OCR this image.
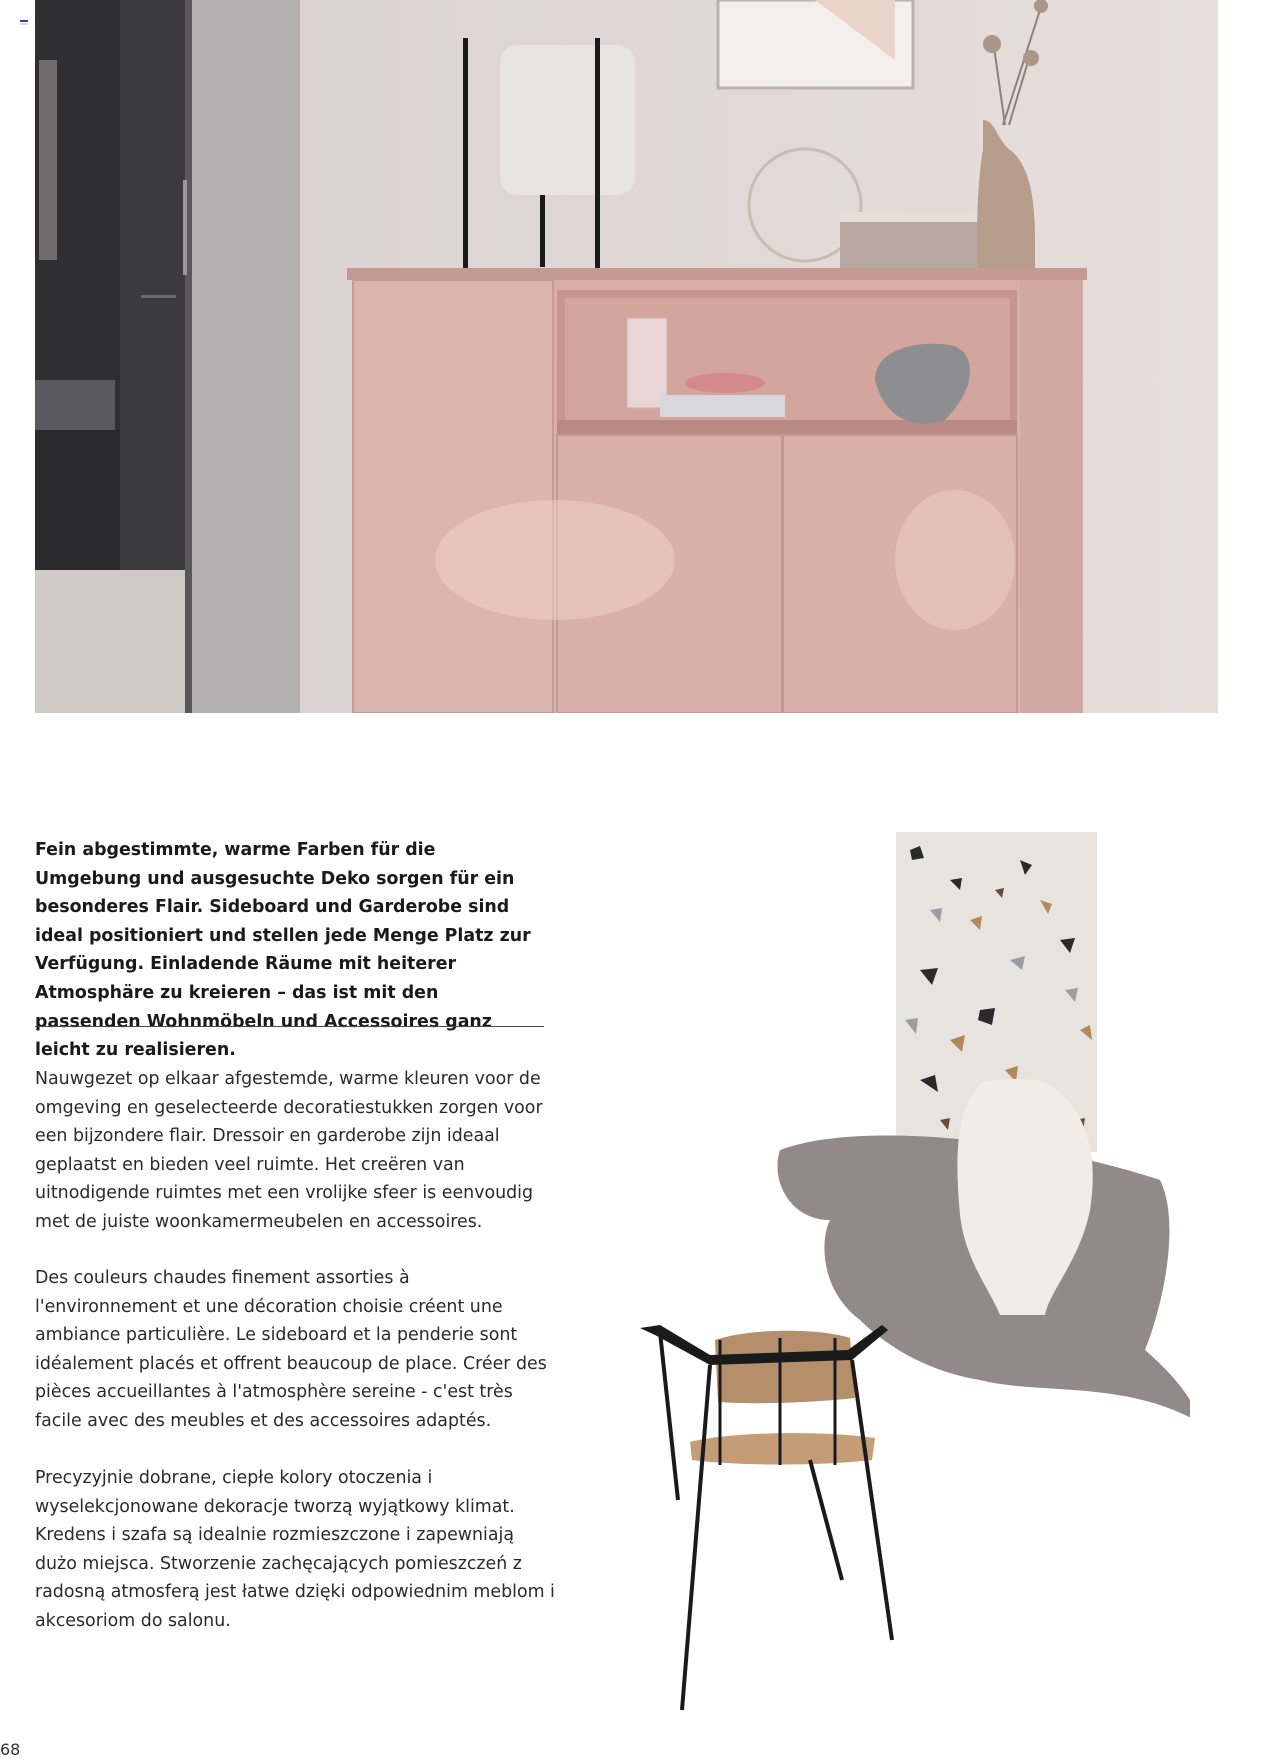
Fein abgestimmte, warme Farben für die Umgebung und ausgesuchte Deko sorgen für ein besonderes Flair. Sideboard und Garderobe sind ideal positioniert und stellen jede Menge Platz zur Verfügung. Einladende Räume mit heiterer Atmosphäre zu kreieren – das ist mit den passenden Wohnmöbeln und Accessoires ganz leicht zu realisieren.

Nauwgezet op elkaar afgestemde, warme kleuren voor de omgeving en geselecteerde decoratiestukken zorgen voor een bijzondere flair. Dressoir en garderobe zijn ideaal geplaatst en bieden veel ruimte. Het creëren van uitnodigende ruimtes met een vrolijke sfeer is eenvoudig met de juiste woonkamermeubelen en accessoires.

Des couleurs chaudes finement assorties à l'environnement et une décoration choisie créent une ambiance particulière. Le sideboard et la penderie sont idéalement placés et offrent beaucoup de place. Créer des pièces accueillantes à l'atmosphère sereine - c'est très facile avec des meubles et des accessoires adaptés.

Precyzyjnie dobrane, ciepłe kolory otoczenia i wyselekcjonowane dekoracje tworzą wyjątkowy klimat. Kredens i szafa są idealnie rozmieszczone i zapewniają dużo miejsca. Stworzenie zachęcających pomieszczeń z radosną atmosferą jest łatwe dzięki odpowiednim meblom i akcesoriom do salonu.

68
